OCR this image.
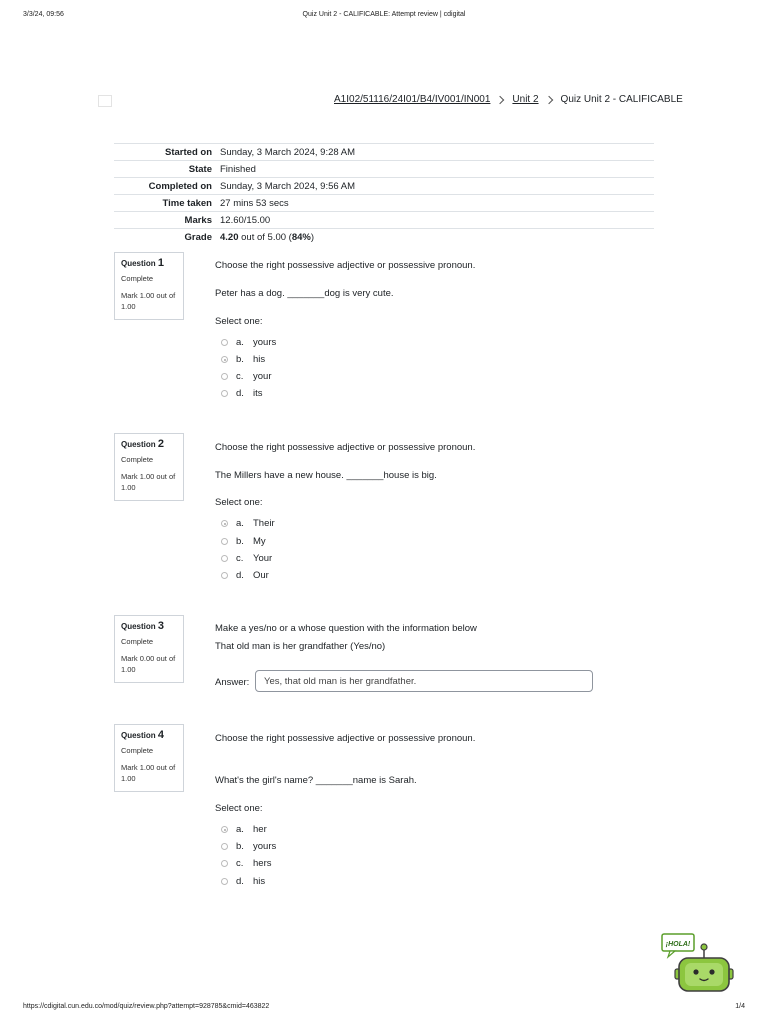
3/3/24, 09:56	Quiz Unit 2 - CALIFICABLE: Attempt review | cdigital
https://cdigital.cun.edu.co/mod/quiz/review.php?attempt=928785&cmid=463822	1/4
A1I02/51116/24I01/B4/IV001/IN001 Unit 2 Quiz Unit 2 - CALIFICABLE
Started on	Sunday, 3 March 2024, 9:28 AM
State	Finished
Completed on	Sunday, 3 March 2024, 9:56 AM
Time taken	27 mins 53 secs
Marks	12.60/15.00
Grade	4.20 out of 5.00 (84%)
Question 1
Complete
Mark 1.00 out of 1.00
Choose the right possessive adjective or possessive pronoun.
Peter has a dog. _______dog is very cute.
Select one:
a. yours
b. his
c.	your
d. its
Question 2
Complete
Mark 1.00 out of 1.00
Choose the right possessive adjective or possessive pronoun.
The Millers have a new house. _______house is big.
Select one:
a. Their
b. My
c.	Your
d. Our
Question 3
Complete
Mark 0.00 out of 1.00
Make a yes/no or a whose question with the information below
That old man is her grandfather (Yes/no)
Answer:	Yes, that old man is her grandfather.
Question 4
Complete
Mark 1.00 out of 1.00
Choose the right possessive adjective or possessive pronoun.
What's the girl's name? _______name is Sarah.
Select one:
a. her
b. yours
c.	hers
d. his
¡HOLA!
